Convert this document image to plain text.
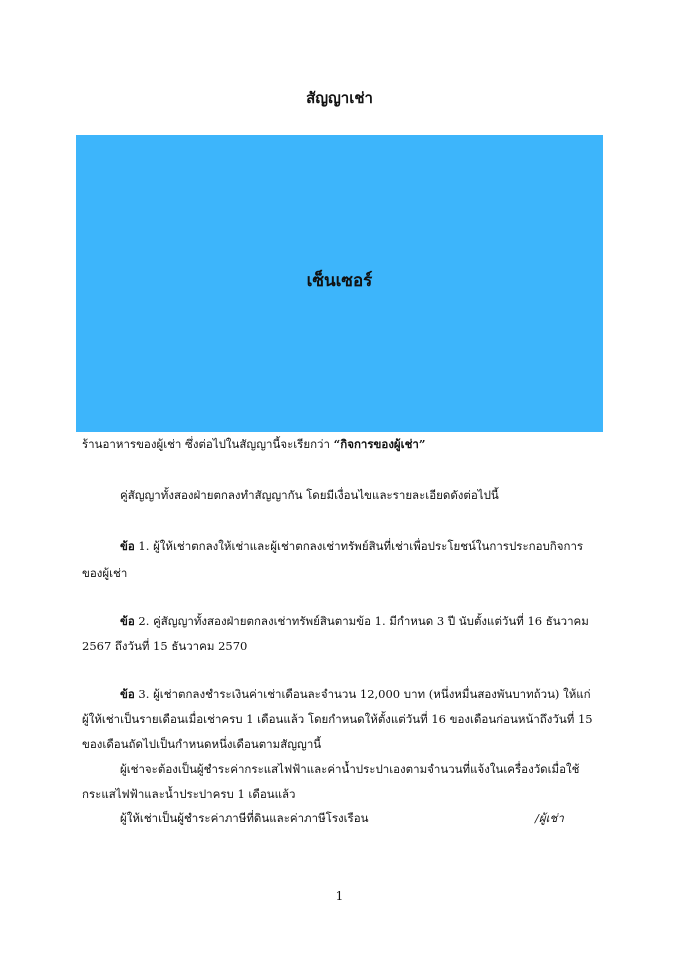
สัญญาเช่า
เซ็นเซอร์
ร้านอาหารของผู้เช่า ซึ่งต่อไปในสัญญานี้จะเรียกว่า “กิจการของผู้เช่า”
คู่สัญญาทั้งสองฝ่ายตกลงทำสัญญากัน โดยมีเงื่อนไขและรายละเอียดดังต่อไปนี้
ข้อ 1. ผู้ให้เช่าตกลงให้เช่าและผู้เช่าตกลงเช่าทรัพย์สินที่เช่าเพื่อประโยชน์ในการประกอบกิจการ
ของผู้เช่า
ข้อ 2. คู่สัญญาทั้งสองฝ่ายตกลงเช่าทรัพย์สินตามข้อ 1. มีกำหนด 3 ปี นับตั้งแต่วันที่ 16 ธันวาคม
2567 ถึงวันที่ 15 ธันวาคม 2570
ข้อ 3. ผู้เช่าตกลงชำระเงินค่าเช่าเดือนละจำนวน 12,000 บาท (หนึ่งหมื่นสองพันบาทถ้วน) ให้แก่
ผู้ให้เช่าเป็นรายเดือนเมื่อเช่าครบ 1 เดือนแล้ว โดยกำหนดให้ตั้งแต่วันที่ 16 ของเดือนก่อนหน้าถึงวันที่ 15
ของเดือนถัดไปเป็นกำหนดหนึ่งเดือนตามสัญญานี้
ผู้เช่าจะต้องเป็นผู้ชำระค่ากระแสไฟฟ้าและค่าน้ำประปาเองตามจำนวนที่แจ้งในเครื่องวัดเมื่อใช้
กระแสไฟฟ้าและน้ำประปาครบ 1 เดือนแล้ว
ผู้ให้เช่าเป็นผู้ชำระค่าภาษีที่ดินและค่าภาษีโรงเรือน	/ผู้เช่า
1
